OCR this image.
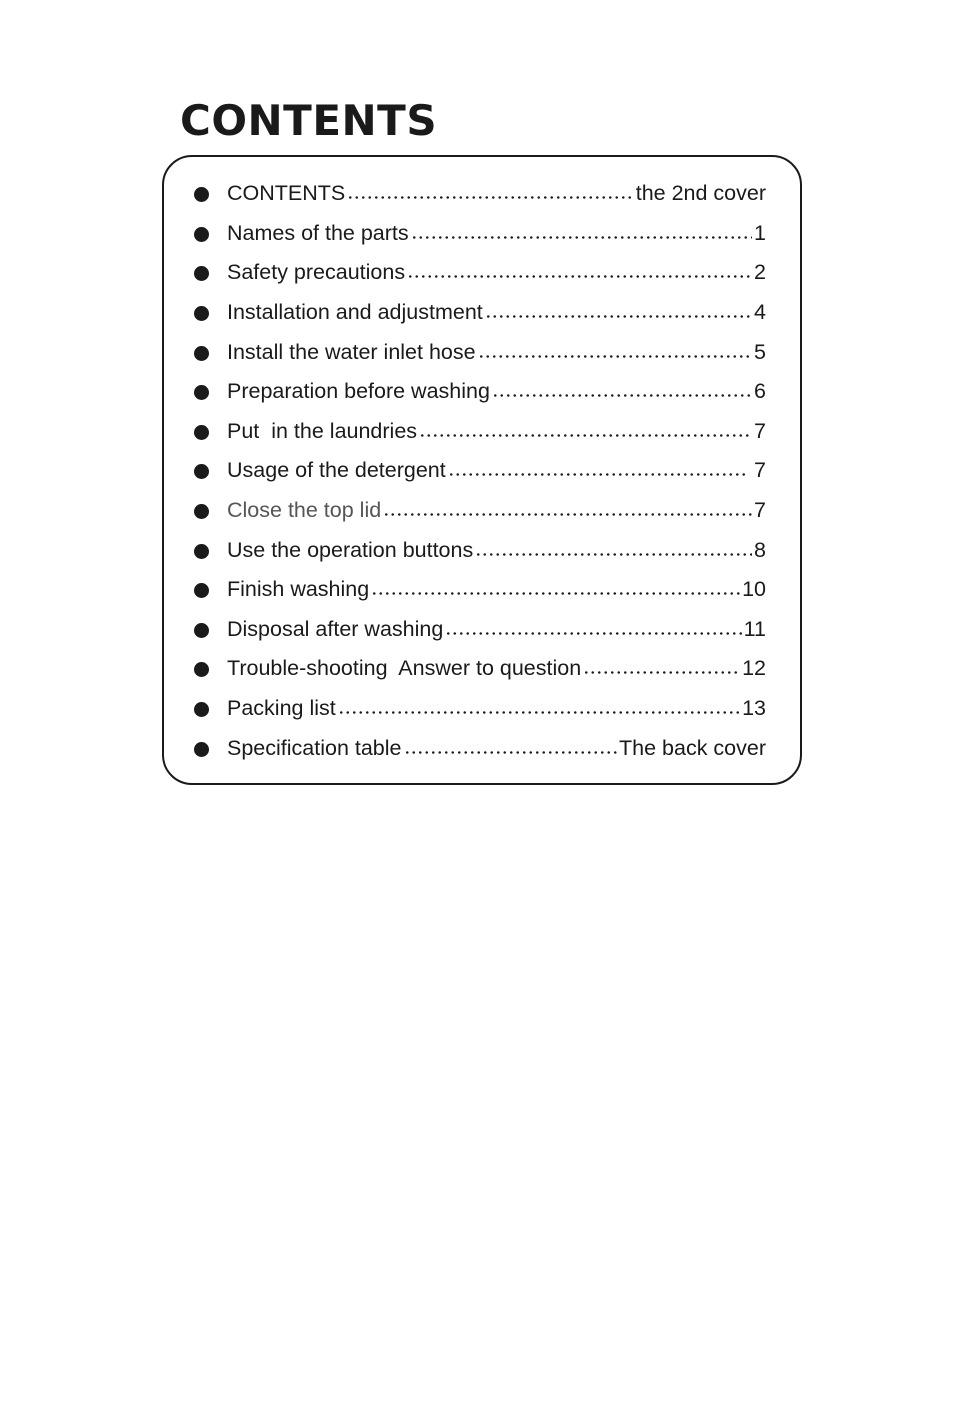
CONTENTS
CONTENTS	the 2nd cover
Names of the parts	1
Safety precautions	2
Installation and adjustment	4
Install the water inlet hose	5
Preparation before washing	6
Put  in the laundries	7
Usage of the detergent	7
Close the top lid	7
Use the operation buttons	8
Finish washing	10
Disposal after washing	11
Trouble-shooting  Answer to question	12
Packing list	13
Specification table	The back cover
